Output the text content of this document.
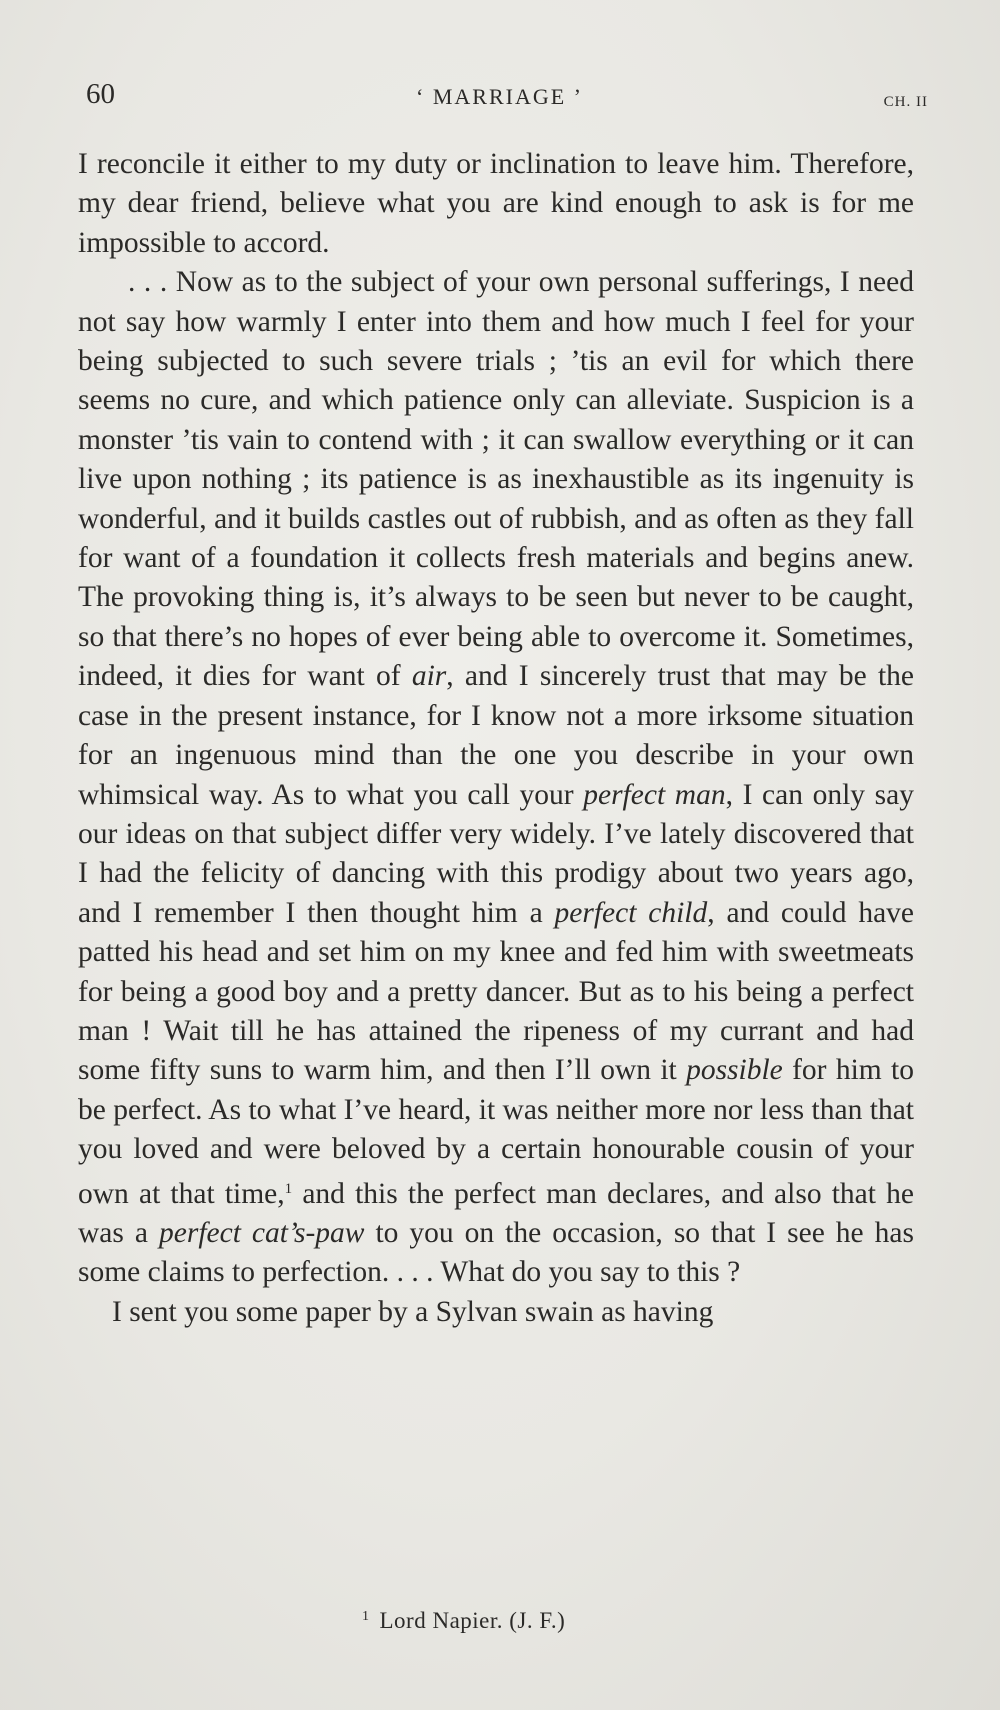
60	‘ MARRIAGE ’	CH. II

I reconcile it either to my duty or inclination to leave him. Therefore, my dear friend, believe what you are kind enough to ask is for me impossible to accord.

. . . Now as to the subject of your own personal sufferings, I need not say how warmly I enter into them and how much I feel for your being subjected to such severe trials ; ’tis an evil for which there seems no cure, and which patience only can alleviate. Suspicion is a monster ’tis vain to contend with ; it can swallow everything or it can live upon nothing ; its patience is as inexhaustible as its ingenuity is wonderful, and it builds castles out of rubbish, and as often as they fall for want of a foundation it collects fresh materials and begins anew. The provoking thing is, it’s always to be seen but never to be caught, so that there’s no hopes of ever being able to overcome it. Sometimes, indeed, it dies for want of air, and I sincerely trust that may be the case in the present instance, for I know not a more irksome situation for an ingenuous mind than the one you describe in your own whimsical way. As to what you call your perfect man, I can only say our ideas on that subject differ very widely. I’ve lately discovered that I had the felicity of dancing with this prodigy about two years ago, and I remember I then thought him a perfect child, and could have patted his head and set him on my knee and fed him with sweetmeats for being a good boy and a pretty dancer. But as to his being a perfect man ! Wait till he has attained the ripeness of my currant and had some fifty suns to warm him, and then I’ll own it possible for him to be perfect. As to what I’ve heard, it was neither more nor less than that you loved and were beloved by a certain honourable cousin of your own at that time,$^1$ and this the perfect man declares, and also that he was a perfect cat’s-paw to you on the occasion, so that I see he has some claims to perfection. . . . What do you say to this ?

I sent you some paper by a Sylvan swain as having

$^1$ Lord Napier. (J. F.)
